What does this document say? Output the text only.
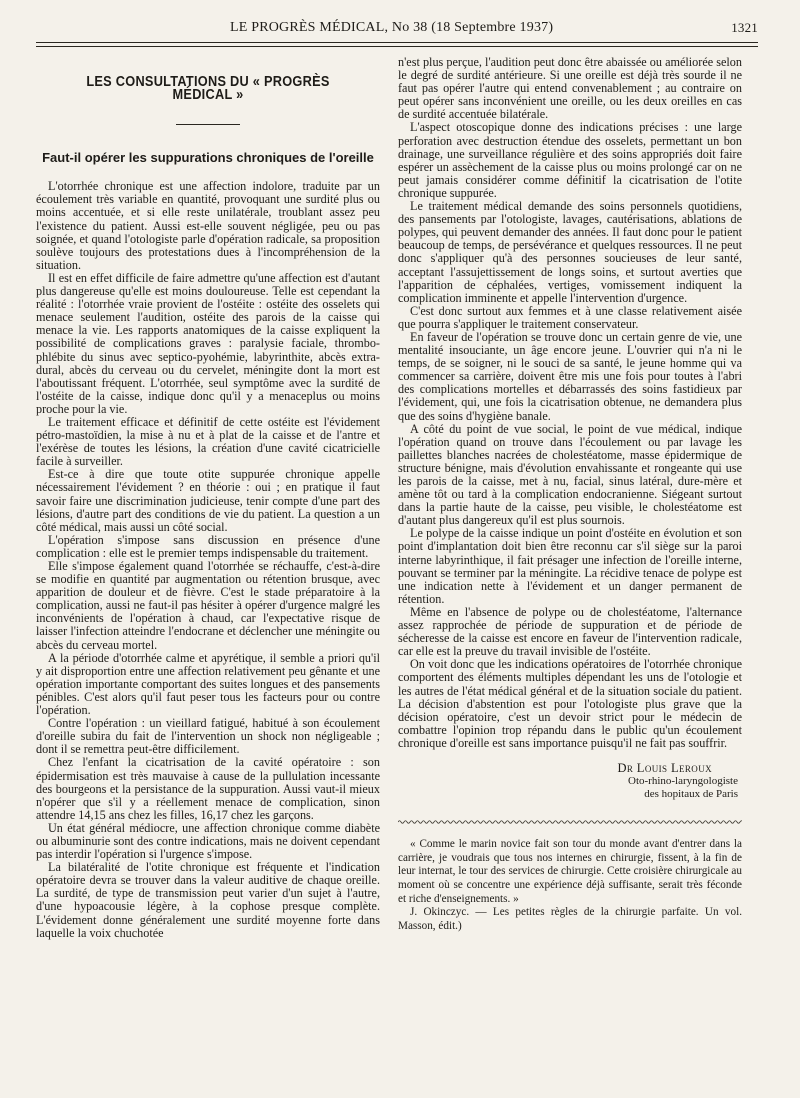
LE PROGRÈS MÉDICAL, No 38 (18 Septembre 1937)	1321
LES CONSULTATIONS DU « PROGRÈS MÉDICAL »
Faut-il opérer les suppurations chroniques de l'oreille

L'otorrhée chronique est une affection indolore, traduite par un écoulement très variable en quantité, provoquant une surdité plus ou moins accentuée, et si elle reste unilatérale, troublant assez peu l'existence du patient. Aussi est-elle souvent négligée, peu ou pas soignée, et quand l'otologiste parle d'opération radicale, sa proposition soulève toujours des protestations dues à l'incompréhension de la situation.

Il est en effet difficile de faire admettre qu'une affection est d'autant plus dangereuse qu'elle est moins douloureuse. Telle est cependant la réalité : l'otorrhée vraie provient de l'ostéite : ostéite des osselets qui menace seulement l'audition, ostéite des parois de la caisse qui menace la vie. Les rapports anatomiques de la caisse expliquent la possibilité de complications graves : paralysie faciale, thrombo-phlébite du sinus avec septico-pyohémie, labyrinthite, abcès extra-dural, abcès du cerveau ou du cervelet, méningite dont la mort est l'aboutissant fréquent. L'otorrhée, seul symptôme avec la surdité de l'ostéite de la caisse, indique donc qu'il y a menaceplus ou moins proche pour la vie.

Le traitement efficace et définitif de cette ostéite est l'évidement pétro-mastoïdien, la mise à nu et à plat de la caisse et de l'antre et l'exérèse de toutes les lésions, la création d'une cavité cicatricielle facile à surveiller.

Est-ce à dire que toute otite suppurée chronique appelle nécessairement l'évidement ? en théorie : oui ; en pratique il faut savoir faire une discrimination judicieuse, tenir compte d'une part des lésions, d'autre part des conditions de vie du patient. La question a un côté médical, mais aussi un côté social.

L'opération s'impose sans discussion en présence d'une complication : elle est le premier temps indispensable du traitement.

Elle s'impose également quand l'otorrhée se réchauffe, c'est-à-dire se modifie en quantité par augmentation ou rétention brusque, avec apparition de douleur et de fièvre. C'est le stade préparatoire à la complication, aussi ne faut-il pas hésiter à opérer d'urgence malgré les inconvénients de l'opération à chaud, car l'expectative risque de laisser l'infection atteindre l'endocrane et déclencher une méningite ou abcès du cerveau mortel.

A la période d'otorrhée calme et apyrétique, il semble a priori qu'il y ait disproportion entre une affection relativement peu gênante et une opération importante comportant des suites longues et des pansements pénibles. C'est alors qu'il faut peser tous les facteurs pour ou contre l'opération.

Contre l'opération : un vieillard fatigué, habitué à son écoulement d'oreille subira du fait de l'intervention un shock non négligeable ; dont il se remettra peut-être difficilement.

Chez l'enfant la cicatrisation de la cavité opératoire : son épidermisation est très mauvaise à cause de la pullulation incessante des bourgeons et la persistance de la suppuration. Aussi vaut-il mieux n'opérer que s'il y a réellement menace de complication, sinon attendre 14,15 ans chez les filles, 16,17 chez les garçons.

Un état général médiocre, une affection chronique comme diabète ou albuminurie sont des contre indications, mais ne doivent cependant pas interdir l'opération si l'urgence s'impose.

La bilatéralité de l'otite chronique est fréquente et l'indication opératoire devra se trouver dans la valeur auditive de chaque oreille. La surdité, de type de transmission peut varier d'un sujet à l'autre, d'une hypoacousie légère, à la cophose presque complète. L'évidement donne généralement une surdité moyenne forte dans laquelle la voix chuchotée

n'est plus perçue, l'audition peut donc être abaissée ou améliorée selon le degré de surdité antérieure. Si une oreille est déjà très sourde il ne faut pas opérer l'autre qui entend convenablement ; au contraire on peut opérer sans inconvénient une oreille, ou les deux oreilles en cas de surdité accentuée bilatérale.

L'aspect otoscopique donne des indications précises : une large perforation avec destruction étendue des osselets, permettant un bon drainage, une surveillance régulière et des soins appropriés doit faire espérer un assèchement de la caisse plus ou moins prolongé car on ne peut jamais considérer comme définitif la cicatrisation de l'otite chronique suppurée.

Le traitement médical demande des soins personnels quotidiens, des pansements par l'otologiste, lavages, cautérisations, ablations de polypes, qui peuvent demander des années. Il faut donc pour le patient beaucoup de temps, de persévérance et quelques ressources. Il ne peut donc s'appliquer qu'à des personnes soucieuses de leur santé, acceptant l'assujettissement de longs soins, et surtout averties que l'apparition de céphalées, vertiges, vomissement indiquent la complication imminente et appelle l'intervention d'urgence.

C'est donc surtout aux femmes et à une classe relativement aisée que pourra s'appliquer le traitement conservateur.

En faveur de l'opération se trouve donc un certain genre de vie, une mentalité insouciante, un âge encore jeune. L'ouvrier qui n'a ni le temps, de se soigner, ni le souci de sa santé, le jeune homme qui va commencer sa carrière, doivent être mis une fois pour toutes à l'abri des complications mortelles et débarrassés des soins fastidieux par l'évidement, qui, une fois la cicatrisation obtenue, ne demandera plus que des soins d'hygiène banale.

A côté du point de vue social, le point de vue médical, indique l'opération quand on trouve dans l'écoulement ou par lavage les paillettes blanches nacrées de cholestéatome, masse épidermique de structure bénigne, mais d'évolution envahissante et rongeante qui use les parois de la caisse, met à nu, facial, sinus latéral, dure-mère et amène tôt ou tard à la complication endocranienne. Siégeant surtout dans la partie haute de la caisse, peu visible, le cholestéatome est d'autant plus dangereux qu'il est plus sournois.

Le polype de la caisse indique un point d'ostéite en évolution et son point d'implantation doit bien être reconnu car s'il siège sur la paroi interne labyrinthique, il fait présager une infection de l'oreille interne, pouvant se terminer par la méningite. La récidive tenace de polype est une indication nette à l'évidement et un danger permanent de rétention.

Même en l'absence de polype ou de cholestéatome, l'alternance assez rapprochée de période de suppuration et de période de sécheresse de la caisse est encore en faveur de l'intervention radicale, car elle est la preuve du travail invisible de l'ostéite.

On voit donc que les indications opératoires de l'otorrhée chronique comportent des éléments multiples dépendant les uns de l'otologie et les autres de l'état médical général et de la situation sociale du patient. La décision d'abstention est pour l'otologiste plus grave que la décision opératoire, c'est un devoir strict pour le médecin de combattre l'opinion trop répandu dans le public qu'un écoulement chronique d'oreille est sans importance puisqu'il ne fait pas souffrir.

Dr Louis Leroux
Oto-rhino-laryngologiste
des hopitaux de Paris

« Comme le marin novice fait son tour du monde avant d'entrer dans la carrière, je voudrais que tous nos internes en chirurgie, fissent, à la fin de leur internat, le tour des services de chirurgie. Cette croisière chirurgicale au moment où se concentre une expérience déjà suffisante, serait très féconde et riche d'enseignements. »

J. Okinczyc. — Les petites règles de la chirurgie parfaite. Un vol. Masson, édit.)
